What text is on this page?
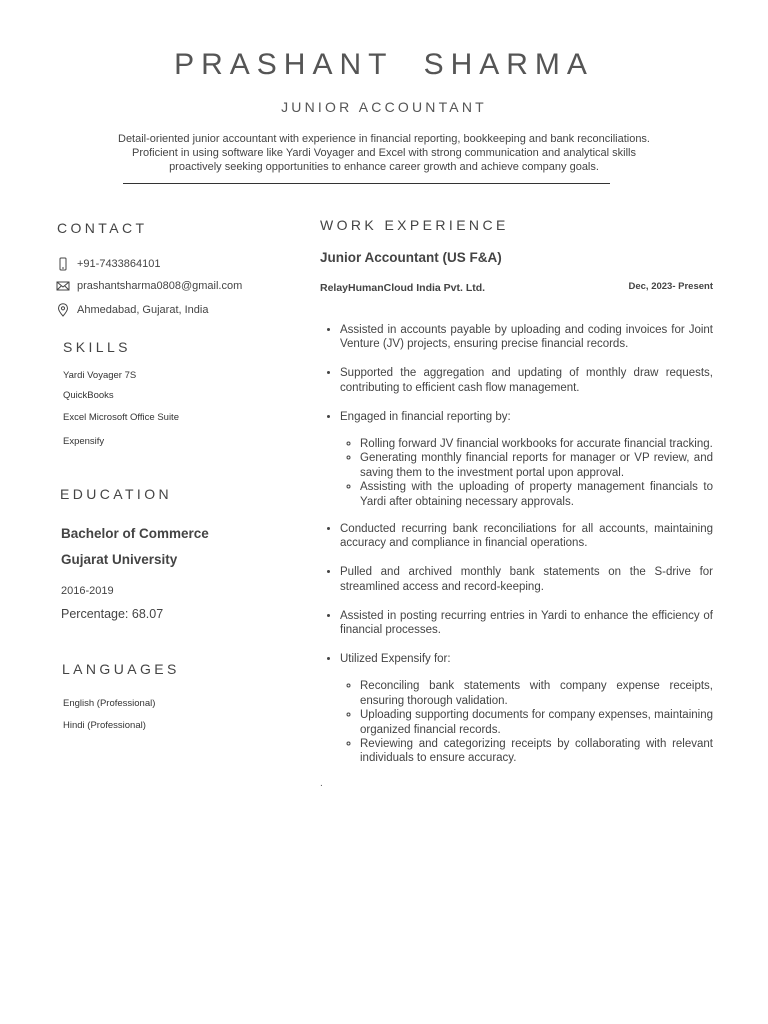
PRASHANT  SHARMA
JUNIOR ACCOUNTANT
Detail-oriented junior accountant with experience in financial reporting, bookkeeping and bank reconciliations.
Proficient in using software like Yardi Voyager and Excel with strong communication and analytical skills
proactively seeking opportunities to enhance career growth and achieve company goals.
CONTACT
+91-7433864101
prashantsharma0808@gmail.com
Ahmedabad, Gujarat, India
SKILLS
Yardi Voyager 7S
QuickBooks
Excel Microsoft Office Suite
Expensify
EDUCATION
Bachelor of Commerce
Gujarat University
2016-2019
Percentage: 68.07
LANGUAGES
English (Professional)
Hindi (Professional)
WORK EXPERIENCE
Junior Accountant (US F&A)
RelayHumanCloud India Pvt. Ltd.	Dec, 2023- Present
• Assisted in accounts payable by uploading and coding invoices for Joint Venture (JV) projects, ensuring precise financial records.
• Supported the aggregation and updating of monthly draw requests, contributing to efficient cash flow management.
• Engaged in financial reporting by:
◦ Rolling forward JV financial workbooks for accurate financial tracking.
◦ Generating monthly financial reports for manager or VP review, and saving them to the investment portal upon approval.
◦ Assisting with the uploading of property management financials to Yardi after obtaining necessary approvals.
• Conducted recurring bank reconciliations for all accounts, maintaining accuracy and compliance in financial operations.
• Pulled and archived monthly bank statements on the S-drive for streamlined access and record-keeping.
• Assisted in posting recurring entries in Yardi to enhance the efficiency of financial processes.
• Utilized Expensify for:
◦ Reconciling bank statements with company expense receipts, ensuring thorough validation.
◦ Uploading supporting documents for company expenses, maintaining organized financial records.
◦ Reviewing and categorizing receipts by collaborating with relevant individuals to ensure accuracy.
.
